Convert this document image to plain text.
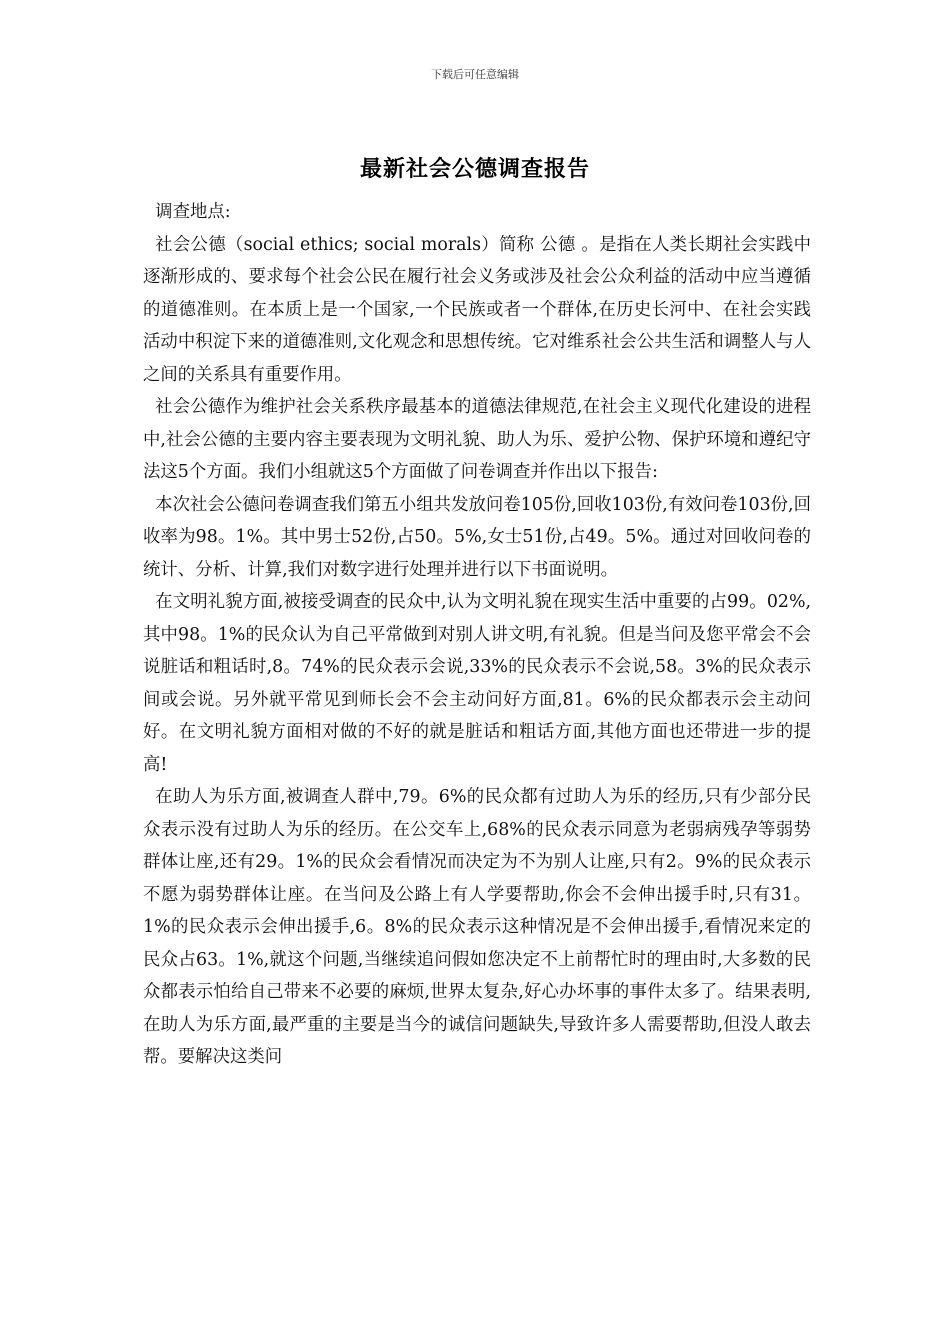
下载后可任意编辑
最新社会公德调查报告

调查地点:

社会公德（social ethics; social morals）简称 公德 。是指在人类长期社会实践中逐渐形成的、要求每个社会公民在履行社会义务或涉及社会公众利益的活动中应当遵循的道德准则。在本质上是一个国家,一个民族或者一个群体,在历史长河中、在社会实践活动中积淀下来的道德准则,文化观念和思想传统。它对维系社会公共生活和调整人与人之间的关系具有重要作用。

社会公德作为维护社会关系秩序最基本的道德法律规范,在社会主义现代化建设的进程中,社会公德的主要内容主要表现为文明礼貌、助人为乐、爱护公物、保护环境和遵纪守法这5个方面。我们小组就这5个方面做了问卷调查并作出以下报告:

本次社会公德问卷调查我们第五小组共发放问卷105份,回收103份,有效问卷103份,回收率为98。1%。其中男士52份,占50。5%,女士51份,占49。5%。通过对回收问卷的统计、分析、计算,我们对数字进行处理并进行以下书面说明。

在文明礼貌方面,被接受调查的民众中,认为文明礼貌在现实生活中重要的占99。02%,其中98。1%的民众认为自己平常做到对别人讲文明,有礼貌。但是当问及您平常会不会说脏话和粗话时,8。74%的民众表示会说,33%的民众表示不会说,58。3%的民众表示间或会说。另外就平常见到师长会不会主动问好方面,81。6%的民众都表示会主动问好。在文明礼貌方面相对做的不好的就是脏话和粗话方面,其他方面也还带进一步的提高!

在助人为乐方面,被调查人群中,79。6%的民众都有过助人为乐的经历,只有少部分民众表示没有过助人为乐的经历。在公交车上,68%的民众表示同意为老弱病残孕等弱势群体让座,还有29。1%的民众会看情况而决定为不为别人让座,只有2。9%的民众表示不愿为弱势群体让座。在当问及公路上有人学要帮助,你会不会伸出援手时,只有31。1%的民众表示会伸出援手,6。8%的民众表示这种情况是不会伸出援手,看情况来定的民众占63。1%,就这个问题,当继续追问假如您决定不上前帮忙时的理由时,大多数的民众都表示怕给自己带来不必要的麻烦,世界太复杂,好心办坏事的事件太多了。结果表明,在助人为乐方面,最严重的主要是当今的诚信问题缺失,导致许多人需要帮助,但没人敢去帮。要解决这类问
